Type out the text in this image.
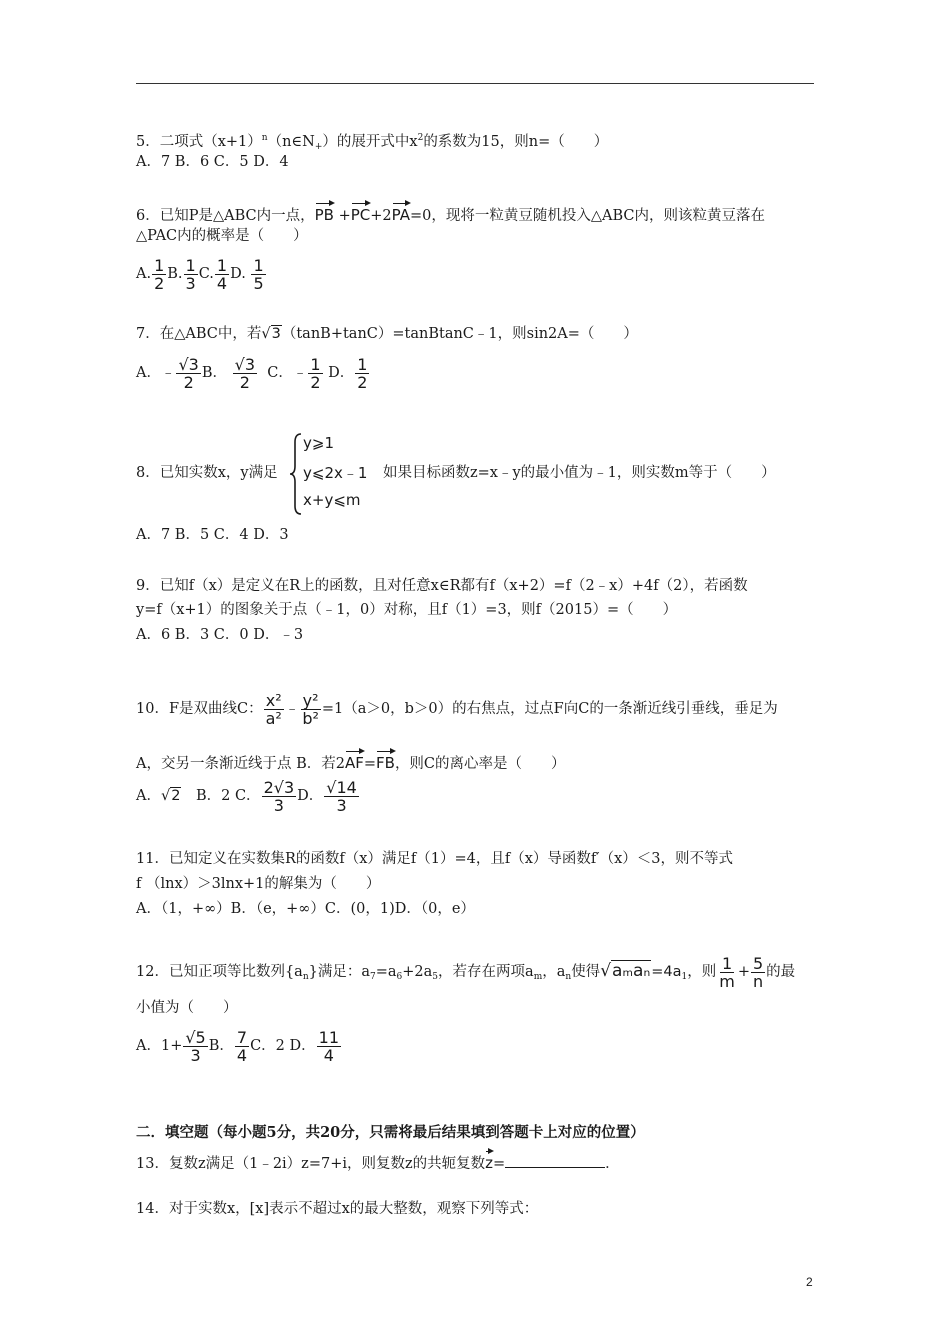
5．二项式$(x+1)^n(n\in N_+)$的展开式中$x^2$的系数为15，则n=（　　）
A．7 B．6 C．5 D．4
6．已知P是△ABC内一点，PB +PC+2PA=0，现将一粒黄豆随机投入△ABC内，则该粒黄豆落在
△PAC内的概率是（　　）
A. $\frac{1}{2} B$. $\frac{1}{3} C$. $\frac{1}{4} D$. $\frac{1}{5}$
7．在△ABC中，若√3（tanB+tanC）=tanBtanC﹣1，则sin2A=（　　）
A．﹣ $\frac{√3}{2}$ B． $\frac{√3}{2}$ C．﹣ $\frac{1}{2}$ D． $\frac{1}{2}$
8．已知实数x，y满足
y⩾1
y⩽2x﹣1
x+y⩽m
如果目标函数z=x﹣y的最小值为﹣1，则实数m等于（　　）
A．7 B．5 C．4 D．3
9．已知f（x）是定义在R上的函数，且对任意x∈R都有f（x+2）=f（2﹣x）+4f（2），若函数
y=f（x+1）的图象关于点（﹣1，0）对称，且f（1）=3，则f（2015）=（　　）
A．6 B．3 C．0 D．﹣3
10．F是双曲线C： $\frac{\text{x²}}{\text{a²}}$ ﹣ $\frac{\text{y²}}{\text{b²}} =1(a>0$，b＞0）的右焦点，过点F向C的一条渐近线引垂线，垂足为
A，交另一条渐近线于点 B．若2AF=FB，则C的离心率是（　　）
A．√2　B．2 C． $\frac{2√3}{3}$ D． $\frac{√14}{3}$
11．已知定义在实数集R的函数f（x）满足f（1）=4，且f（x）导函数f′（x）＜3，则不等式
f （lnx）＞3lnx+1的解集为（　　）
A．（1，+∞）B．（e，+∞）C．(0，1)D．（0，e）
12．已知正项等比数列$\{a_n\}$满足：$a_7=a_6+2a_5$，若存在两项$a_m$，$a_n$使得$√a_ma_n=4a_1$，则 $\frac{1}{m} + \frac{5}{n}$ 的最
小值为（　　）
A．$1+ \frac{√5}{3}$ B． $\frac{7}{4}$ C．2 D． $\frac{11}{4}$
二．填空题（每小题5分，共20分，只需将最后结果填到答题卡上对应的位置）
13．复数z满足（1﹣2i）z=7+i，则复数z的共轭复数z=	．
14．对于实数x，[x]表示不超过x的最大整数，观察下列等式：
2
